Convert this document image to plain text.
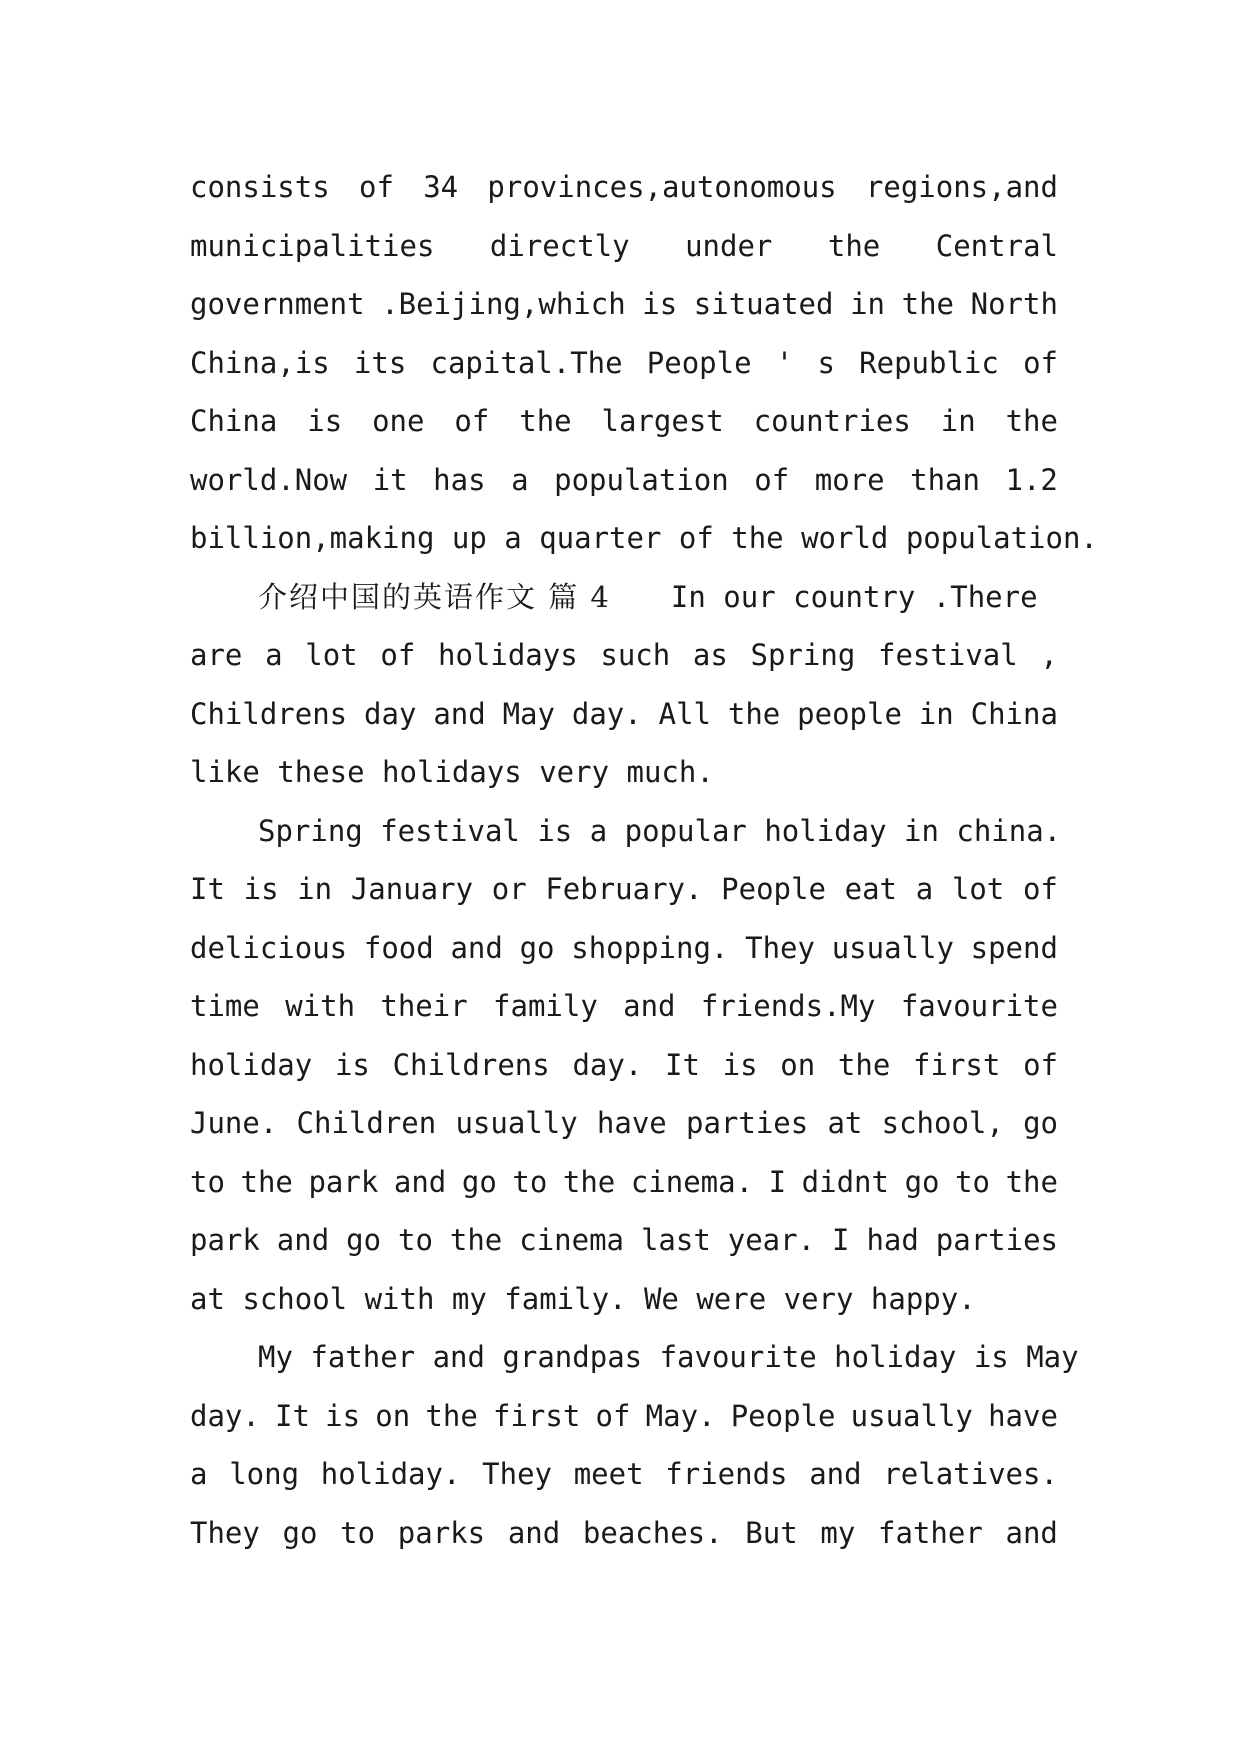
consists of 34 provinces,autonomous regions,and
municipalities directly under the Central
government .Beijing,which is situated in the North
China,is its capital.The People ' s Republic of
China is one of the largest countries in the
world.Now it has a population of more than 1.2
billion,making up a quarter of the world population.
介绍中国的英语作文 篇 4 In our country .There
are a lot of holidays such as Spring festival ,
Childrens day and May day. All the people in China
like these holidays very much.
Spring festival is a popular holiday in china.
It is in January or February. People eat a lot of
delicious food and go shopping. They usually spend
time with their family and friends.My favourite
holiday is Childrens day. It is on the first of
June. Children usually have parties at school, go
to the park and go to the cinema. I didnt go to the
park and go to the cinema last year. I had parties
at school with my family. We were very happy.
My father and grandpas favourite holiday is May
day. It is on the first of May. People usually have
a long holiday. They meet friends and relatives.
They go to parks and beaches. But my father and
